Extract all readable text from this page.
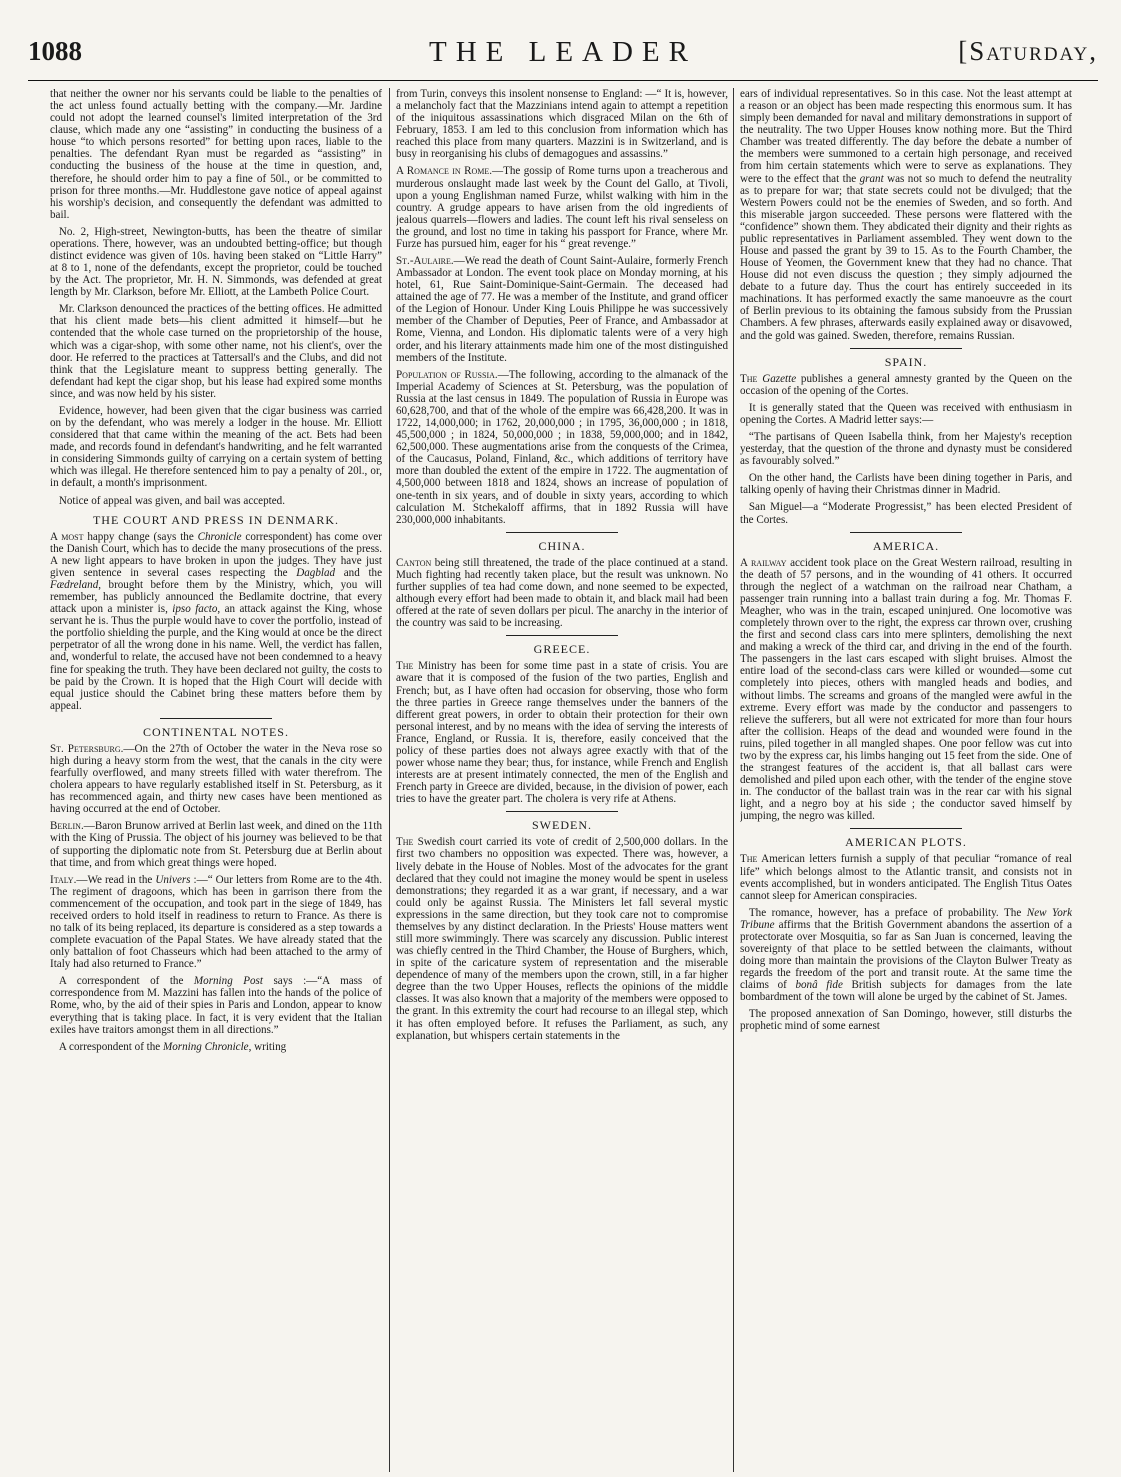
1088	THE LEADER	[Saturday,

that neither the owner nor his servants could be liable to the penalties of the act unless found actually betting with the company.—Mr. Jardine could not adopt the learned counsel's limited interpretation of the 3rd clause, which made any one “assisting” in conducting the business of a house “to which persons resorted” for betting upon races, liable to the penalties. The defendant Ryan must be regarded as “assisting” in conducting the business of the house at the time in question, and, therefore, he should order him to pay a fine of 50l., or be committed to prison for three months.—Mr. Huddlestone gave notice of appeal against his worship's decision, and consequently the defendant was admitted to bail.

No. 2, High-street, Newington-butts, has been the theatre of similar operations. There, however, was an undoubted betting-office; but though distinct evidence was given of 10s. having been staked on “Little Harry” at 8 to 1, none of the defendants, except the proprietor, could be touched by the Act. The proprietor, Mr. H. N. Simmonds, was defended at great length by Mr. Clarkson, before Mr. Elliott, at the Lambeth Police Court.

Mr. Clarkson denounced the practices of the betting offices. He admitted that his client made bets—his client admitted it himself—but he contended that the whole case turned on the proprietorship of the house, which was a cigar-shop, with some other name, not his client's, over the door. He referred to the practices at Tattersall's and the Clubs, and did not think that the Legislature meant to suppress betting generally. The defendant had kept the cigar shop, but his lease had expired some months since, and was now held by his sister.

Evidence, however, had been given that the cigar business was carried on by the defendant, who was merely a lodger in the house. Mr. Elliott considered that that came within the meaning of the act. Bets had been made, and records found in defendant's handwriting, and he felt warranted in considering Simmonds guilty of carrying on a certain system of betting which was illegal. He therefore sentenced him to pay a penalty of 20l., or, in default, a month's imprisonment.

Notice of appeal was given, and bail was accepted.

THE COURT AND PRESS IN DENMARK.

A most happy change (says the Chronicle correspondent) has come over the Danish Court, which has to decide the many prosecutions of the press. A new light appears to have broken in upon the judges. They have just given sentence in several cases respecting the Dagblad and the Fædreland, brought before them by the Ministry, which, you will remember, has publicly announced the Bedlamite doctrine, that every attack upon a minister is, ipso facto, an attack against the King, whose servant he is. Thus the purple would have to cover the portfolio, instead of the portfolio shielding the purple, and the King would at once be the direct perpetrator of all the wrong done in his name. Well, the verdict has fallen, and, wonderful to relate, the accused have not been condemned to a heavy fine for speaking the truth. They have been declared not guilty, the costs to be paid by the Crown. It is hoped that the High Court will decide with equal justice should the Cabinet bring these matters before them by appeal.

CONTINENTAL NOTES.

St. Petersburg.—On the 27th of October the water in the Neva rose so high during a heavy storm from the west, that the canals in the city were fearfully overflowed, and many streets filled with water therefrom. The cholera appears to have regularly established itself in St. Petersburg, as it has recommenced again, and thirty new cases have been mentioned as having occurred at the end of October.

Berlin.—Baron Brunow arrived at Berlin last week, and dined on the 11th with the King of Prussia. The object of his journey was believed to be that of supporting the diplomatic note from St. Petersburg due at Berlin about that time, and from which great things were hoped.

Italy.—We read in the Univers :—“ Our letters from Rome are to the 4th. The regiment of dragoons, which has been in garrison there from the commencement of the occupation, and took part in the siege of 1849, has received orders to hold itself in readiness to return to France. As there is no talk of its being replaced, its departure is considered as a step towards a complete evacuation of the Papal States. We have already stated that the only battalion of foot Chasseurs which had been attached to the army of Italy had also returned to France.”

A correspondent of the Morning Post says :—“A mass of correspondence from M. Mazzini has fallen into the hands of the police of Rome, who, by the aid of their spies in Paris and London, appear to know everything that is taking place. In fact, it is very evident that the Italian exiles have traitors amongst them in all directions.”

A correspondent of the Morning Chronicle, writing

from Turin, conveys this insolent nonsense to England: —“ It is, however, a melancholy fact that the Mazzinians intend again to attempt a repetition of the iniquitous assassinations which disgraced Milan on the 6th of February, 1853. I am led to this conclusion from information which has reached this place from many quarters. Mazzini is in Switzerland, and is busy in reorganising his clubs of demagogues and assassins.”

A Romance in Rome.—The gossip of Rome turns upon a treacherous and murderous onslaught made last week by the Count del Gallo, at Tivoli, upon a young Englishman named Furze, whilst walking with him in the country. A grudge appears to have arisen from the old ingredients of jealous quarrels—flowers and ladies. The count left his rival senseless on the ground, and lost no time in taking his passport for France, where Mr. Furze has pursued him, eager for his “ great revenge.”

St.-Aulaire.—We read the death of Count Saint-Aulaire, formerly French Ambassador at London. The event took place on Monday morning, at his hotel, 61, Rue Saint-Dominique-Saint-Germain. The deceased had attained the age of 77. He was a member of the Institute, and grand officer of the Legion of Honour. Under King Louis Philippe he was successively member of the Chamber of Deputies, Peer of France, and Ambassador at Rome, Vienna, and London. His diplomatic talents were of a very high order, and his literary attainments made him one of the most distinguished members of the Institute.

Population of Russia.—The following, according to the almanack of the Imperial Academy of Sciences at St. Petersburg, was the population of Russia at the last census in 1849. The population of Russia in Europe was 60,628,700, and that of the whole of the empire was 66,428,200. It was in 1722, 14,000,000; in 1762, 20,000,000 ; in 1795, 36,000,000 ; in 1818, 45,500,000 ; in 1824, 50,000,000 ; in 1838, 59,000,000; and in 1842, 62,500,000. These augmentations arise from the conquests of the Crimea, of the Caucasus, Poland, Finland, &c., which additions of territory have more than doubled the extent of the empire in 1722. The augmentation of 4,500,000 between 1818 and 1824, shows an increase of population of one-tenth in six years, and of double in sixty years, according to which calculation M. Stchekaloff affirms, that in 1892 Russia will have 230,000,000 inhabitants.

CHINA.

Canton being still threatened, the trade of the place continued at a stand. Much fighting had recently taken place, but the result was unknown. No further supplies of tea had come down, and none seemed to be expected, although every effort had been made to obtain it, and black mail had been offered at the rate of seven dollars per picul. The anarchy in the interior of the country was said to be increasing.

GREECE.

The Ministry has been for some time past in a state of crisis. You are aware that it is composed of the fusion of the two parties, English and French; but, as I have often had occasion for observing, those who form the three parties in Greece range themselves under the banners of the different great powers, in order to obtain their protection for their own personal interest, and by no means with the idea of serving the interests of France, England, or Russia. It is, therefore, easily conceived that the policy of these parties does not always agree exactly with that of the power whose name they bear; thus, for instance, while French and English interests are at present intimately connected, the men of the English and French party in Greece are divided, because, in the division of power, each tries to have the greater part. The cholera is very rife at Athens.

SWEDEN.

The Swedish court carried its vote of credit of 2,500,000 dollars. In the first two chambers no opposition was expected. There was, however, a lively debate in the House of Nobles. Most of the advocates for the grant declared that they could not imagine the money would be spent in useless demonstrations; they regarded it as a war grant, if necessary, and a war could only be against Russia. The Ministers let fall several mystic expressions in the same direction, but they took care not to compromise themselves by any distinct declaration. In the Priests' House matters went still more swimmingly. There was scarcely any discussion. Public interest was chiefly centred in the Third Chamber, the House of Burghers, which, in spite of the caricature system of representation and the miserable dependence of many of the members upon the crown, still, in a far higher degree than the two Upper Houses, reflects the opinions of the middle classes. It was also known that a majority of the members were opposed to the grant. In this extremity the court had recourse to an illegal step, which it has often employed before. It refuses the Parliament, as such, any explanation, but whispers certain statements in the

ears of individual representatives. So in this case. Not the least attempt at a reason or an object has been made respecting this enormous sum. It has simply been demanded for naval and military demonstrations in support of the neutrality. The two Upper Houses know nothing more. But the Third Chamber was treated differently. The day before the debate a number of the members were summoned to a certain high personage, and received from him certain statements which were to serve as explanations. They were to the effect that the grant was not so much to defend the neutrality as to prepare for war; that state secrets could not be divulged; that the Western Powers could not be the enemies of Sweden, and so forth. And this miserable jargon succeeded. These persons were flattered with the “confidence” shown them. They abdicated their dignity and their rights as public representatives in Parliament assembled. They went down to the House and passed the grant by 39 to 15. As to the Fourth Chamber, the House of Yeomen, the Government knew that they had no chance. That House did not even discuss the question ; they simply adjourned the debate to a future day. Thus the court has entirely succeeded in its machinations. It has performed exactly the same manoeuvre as the court of Berlin previous to its obtaining the famous subsidy from the Prussian Chambers. A few phrases, afterwards easily explained away or disavowed, and the gold was gained. Sweden, therefore, remains Russian.

SPAIN.

The Gazette publishes a general amnesty granted by the Queen on the occasion of the opening of the Cortes.

It is generally stated that the Queen was received with enthusiasm in opening the Cortes. A Madrid letter says:—

“The partisans of Queen Isabella think, from her Majesty's reception yesterday, that the question of the throne and dynasty must be considered as favourably solved.”

On the other hand, the Carlists have been dining together in Paris, and talking openly of having their Christmas dinner in Madrid.

San Miguel—a “Moderate Progressist,” has been elected President of the Cortes.

AMERICA.

A railway accident took place on the Great Western railroad, resulting in the death of 57 persons, and in the wounding of 41 others. It occurred through the neglect of a watchman on the railroad near Chatham, a passenger train running into a ballast train during a fog. Mr. Thomas F. Meagher, who was in the train, escaped uninjured. One locomotive was completely thrown over to the right, the express car thrown over, crushing the first and second class cars into mere splinters, demolishing the next and making a wreck of the third car, and driving in the end of the fourth. The passengers in the last cars escaped with slight bruises. Almost the entire load of the second-class cars were killed or wounded—some cut completely into pieces, others with mangled heads and bodies, and without limbs. The screams and groans of the mangled were awful in the extreme. Every effort was made by the conductor and passengers to relieve the sufferers, but all were not extricated for more than four hours after the collision. Heaps of the dead and wounded were found in the ruins, piled together in all mangled shapes. One poor fellow was cut into two by the express car, his limbs hanging out 15 feet from the side. One of the strangest features of the accident is, that all ballast cars were demolished and piled upon each other, with the tender of the engine stove in. The conductor of the ballast train was in the rear car with his signal light, and a negro boy at his side ; the conductor saved himself by jumping, the negro was killed.

AMERICAN PLOTS.

The American letters furnish a supply of that peculiar “romance of real life” which belongs almost to the Atlantic transit, and consists not in events accomplished, but in wonders anticipated. The English Titus Oates cannot sleep for American conspiracies.

The romance, however, has a preface of probability. The New York Tribune affirms that the British Government abandons the assertion of a protectorate over Mosquitia, so far as San Juan is concerned, leaving the sovereignty of that place to be settled between the claimants, without doing more than maintain the provisions of the Clayton Bulwer Treaty as regards the freedom of the port and transit route. At the same time the claims of bonâ fide British subjects for damages from the late bombardment of the town will alone be urged by the cabinet of St. James.

The proposed annexation of San Domingo, however, still disturbs the prophetic mind of some earnest
